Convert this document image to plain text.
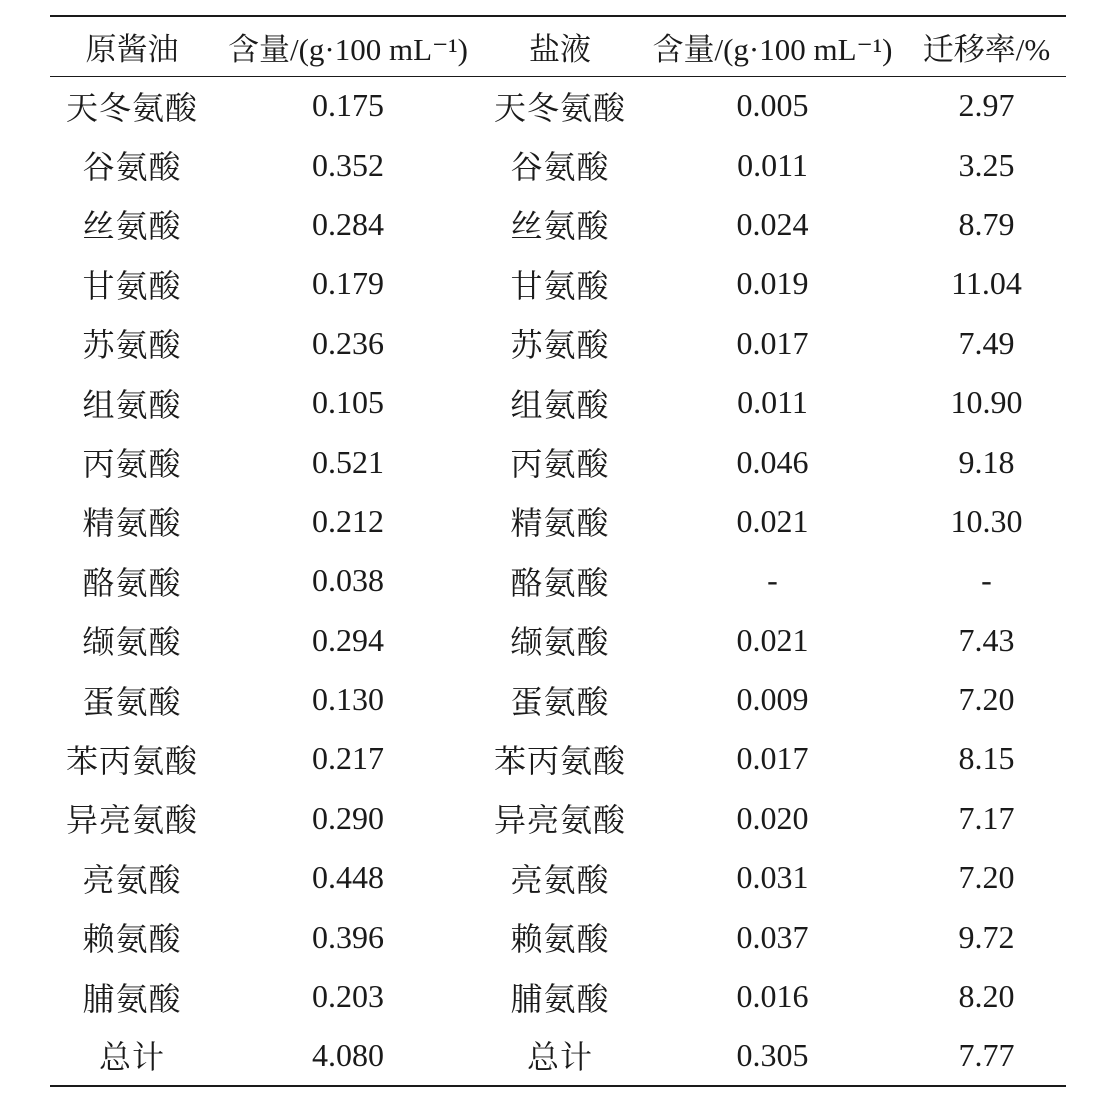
原酱油	含量/(g·100 mL⁻¹)	盐液	含量/(g·100 mL⁻¹)	迁移率/%
天冬氨酸	0.175	天冬氨酸	0.005	2.97
谷氨酸	0.352	谷氨酸	0.011	3.25
丝氨酸	0.284	丝氨酸	0.024	8.79
甘氨酸	0.179	甘氨酸	0.019	11.04
苏氨酸	0.236	苏氨酸	0.017	7.49
组氨酸	0.105	组氨酸	0.011	10.90
丙氨酸	0.521	丙氨酸	0.046	9.18
精氨酸	0.212	精氨酸	0.021	10.30
酪氨酸	0.038	酪氨酸	-	-
缬氨酸	0.294	缬氨酸	0.021	7.43
蛋氨酸	0.130	蛋氨酸	0.009	7.20
苯丙氨酸	0.217	苯丙氨酸	0.017	8.15
异亮氨酸	0.290	异亮氨酸	0.020	7.17
亮氨酸	0.448	亮氨酸	0.031	7.20
赖氨酸	0.396	赖氨酸	0.037	9.72
脯氨酸	0.203	脯氨酸	0.016	8.20
总计	4.080	总计	0.305	7.77
